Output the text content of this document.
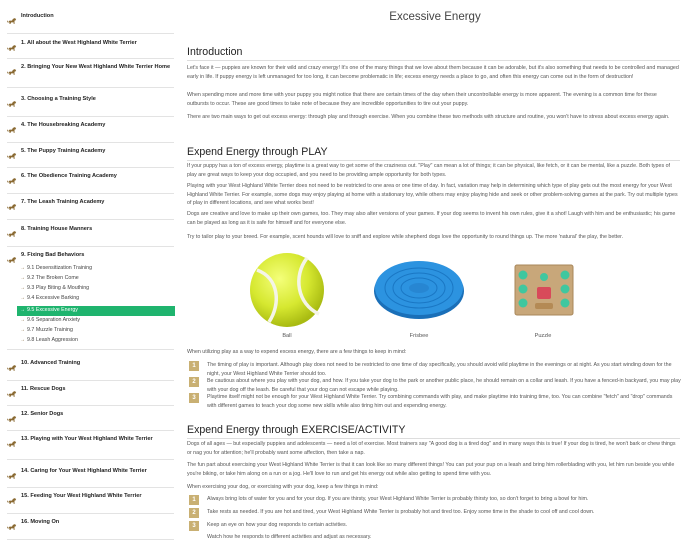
Introduction
1. All about the West Highland White Terrier
2. Bringing Your New West Highland White Terrier Home
3. Choosing a Training Style
4. The Housebreaking Academy
5. The Puppy Training Academy
6. The Obedience Training Academy
7. The Leash Training Academy
8. Training House Manners
9. Fixing Bad Behaviors
10. Advanced Training
11. Rescue Dogs
12. Senior Dogs
13. Playing with Your West Highland White Terrier
14. Caring for Your West Highland White Terrier
15. Feeding Your West Highland White Terrier
16. Moving On
→ 9.1 Desensitization Training
→ 9.2 The Broken Come
→ 9.3 Play Biting & Mouthing
→ 9.4 Excessive Barking
→ 9.5 Excessive Energy
→ 9.6 Separation Anxiety
→ 9.7 Muzzle Training
→ 9.8 Leash Aggression
Excessive Energy
Introduction
Let's face it — puppies are known for their wild and crazy energy! It's one of the many things that we love about them because it can be adorable, but it's also something that needs to be controlled and managed early in life. If puppy energy is left unmanaged for too long, it can become problematic in life; excess energy needs a place to go, and often this energy can come out in the form of destruction!
When spending more and more time with your puppy you might notice that there are certain times of the day when their uncontrollable energy is more apparent. The evening is a common time for these outbursts to occur. These are good times to take note of because they are incredible opportunities to tire out your puppy.
There are two main ways to get out excess energy: through play and through exercise. When you combine these two methods with structure and routine, you won't have to stress about excess energy again.
Expend Energy through PLAY
If your puppy has a ton of excess energy, playtime is a great way to get some of the craziness out. "Play" can mean a lot of things; it can be physical, like fetch, or it can be mental, like a puzzle. Both types of play are great ways to keep your dog occupied, and you need to be providing ample opportunity for both types.
Playing with your West Highland White Terrier does not need to be restricted to one area or one time of day. In fact, variation may help in determining which type of play gets out the most energy for your West Highland White Terrier. For example, some dogs may enjoy playing at home with a stationary toy, while others may enjoy playing hide and seek or other problem-solving games at the park. Try out multiple types of play in different locations, and see what works best!
Dogs are creative and love to make up their own games, too. They may also alter versions of your games. If your dog seems to invent his own rules, give it a shot! Laugh with him and be enthusiastic; his game can be played as long as it is safe for himself and for everyone else.
Try to tailor play to your breed. For example, scent hounds will love to sniff and explore while shepherd dogs love the opportunity to round things up. The more 'natural' the play, the better.
Ball	Frisbee	Puzzle
When utilizing play as a way to expend excess energy, there are a few things to keep in mind:
1	The timing of play is important. Although play does not need to be restricted to one time of day specifically, you should avoid wild playtime in the evenings or at night. As you start winding down for the night, your West Highland White Terrier should too.
2	Be cautious about where you play with your dog, and how. If you take your dog to the park or another public place, he should remain on a collar and leash. If you have a fenced-in backyard, you may play with your dog off the leash. Be careful that your dog can not escape while playing.
3	Playtime itself might not be enough for your West Highland White Terrier. Try combining commands with play, and make playtime into training time, too. You can combine "fetch" and "drop" commands with different games to teach your dog some new skills while also tiring him out and expending energy.
Expend Energy through EXERCISE/ACTIVITY
Dogs of all ages — but especially puppies and adolescents — need a lot of exercise. Most trainers say "A good dog is a tired dog" and in many ways this is true! If your dog is tired, he won't bark or chew things or nag you for attention; he'll probably want some affection, then take a nap.
The fun part about exercising your West Highland White Terrier is that it can look like so many different things! You can put your pup on a leash and bring him rollerblading with you, let him run beside you while you're biking, or take him along on a run or a jog. He'll love to run and get his energy out while also getting to spend time with you.
When exercising your dog, or exercising with your dog, keep a few things in mind:
1	Always bring lots of water for you and for your dog. If you are thirsty, your West Highland White Terrier is probably thirsty too, so don't forget to bring a bowl for him.
2	Take rests as needed. If you are hot and tired, your West Highland White Terrier is probably hot and tired too. Enjoy some time in the shade to cool off and cool down.
3	Keep an eye on how your dog responds to certain activities.
Watch how he responds to different activities and adjust as necessary.
